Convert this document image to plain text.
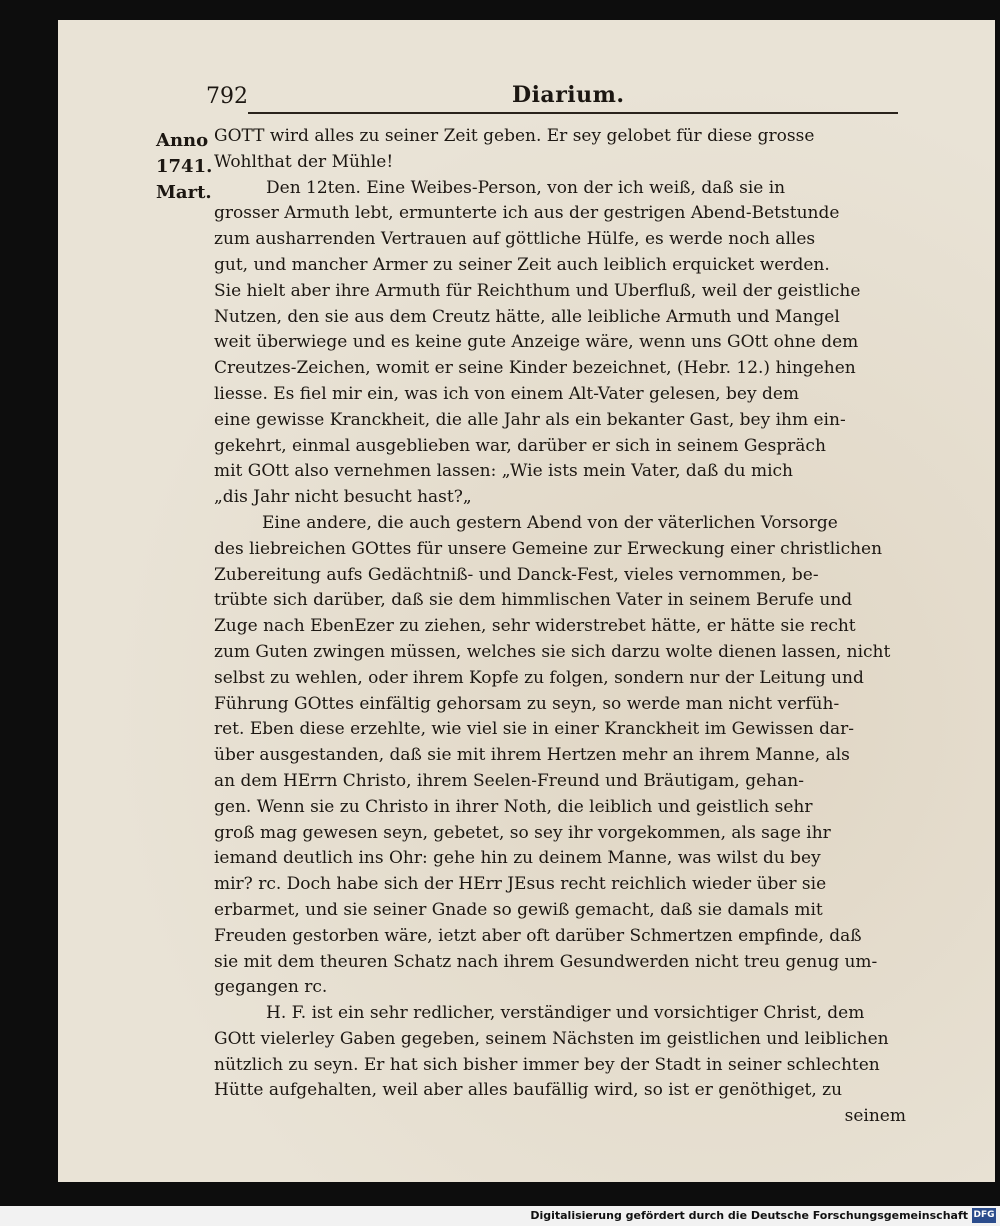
792	Diarium.
Anno
1741.
Mart.
GOTT wird alles zu seiner Zeit geben. Er sey gelobet für diese grosse
Wohlthat der Mühle!
Den 12ten. Eine Weibes-Person, von der ich weiß, daß sie in
grosser Armuth lebt, ermunterte ich aus der gestrigen Abend-Betstunde
zum ausharrenden Vertrauen auf göttliche Hülfe, es werde noch alles
gut, und mancher Armer zu seiner Zeit auch leiblich erquicket werden.
Sie hielt aber ihre Armuth für Reichthum und Uberfluß, weil der geistliche
Nutzen, den sie aus dem Creutz hätte, alle leibliche Armuth und Mangel
weit überwiege und es keine gute Anzeige wäre, wenn uns GOtt ohne dem
Creutzes-Zeichen, womit er seine Kinder bezeichnet, (Hebr. 12.) hingehen
liesse. Es fiel mir ein, was ich von einem Alt-Vater gelesen, bey dem
eine gewisse Kranckheit, die alle Jahr als ein bekanter Gast, bey ihm ein-
gekehrt, einmal ausgeblieben war, darüber er sich in seinem Gespräch
mit GOtt also vernehmen lassen: „Wie ists mein Vater, daß du mich
„dis Jahr nicht besucht hast?„
Eine andere, die auch gestern Abend von der väterlichen Vorsorge
des liebreichen GOttes für unsere Gemeine zur Erweckung einer christlichen
Zubereitung aufs Gedächtniß- und Danck-Fest, vieles vernommen, be-
trübte sich darüber, daß sie dem himmlischen Vater in seinem Berufe und
Zuge nach EbenEzer zu ziehen, sehr widerstrebet hätte, er hätte sie recht
zum Guten zwingen müssen, welches sie sich darzu wolte dienen lassen, nicht
selbst zu wehlen, oder ihrem Kopfe zu folgen, sondern nur der Leitung und
Führung GOttes einfältig gehorsam zu seyn, so werde man nicht verfüh-
ret. Eben diese erzehlte, wie viel sie in einer Kranckheit im Gewissen dar-
über ausgestanden, daß sie mit ihrem Hertzen mehr an ihrem Manne, als
an dem HErrn Christo, ihrem Seelen-Freund und Bräutigam, gehan-
gen. Wenn sie zu Christo in ihrer Noth, die leiblich und geistlich sehr
groß mag gewesen seyn, gebetet, so sey ihr vorgekommen, als sage ihr
iemand deutlich ins Ohr: gehe hin zu deinem Manne, was wilst du bey
mir? rc. Doch habe sich der HErr JEsus recht reichlich wieder über sie
erbarmet, und sie seiner Gnade so gewiß gemacht, daß sie damals mit
Freuden gestorben wäre, ietzt aber oft darüber Schmertzen empfinde, daß
sie mit dem theuren Schatz nach ihrem Gesundwerden nicht treu genug um-
gegangen rc.
H. F. ist ein sehr redlicher, verständiger und vorsichtiger Christ, dem
GOtt vielerley Gaben gegeben, seinem Nächsten im geistlichen und leiblichen
nützlich zu seyn. Er hat sich bisher immer bey der Stadt in seiner schlechten
Hütte aufgehalten, weil aber alles baufällig wird, so ist er genöthiget, zu
seinem
Digitalisierung gefördert durch die Deutsche Forschungsgemeinschaft DFG
